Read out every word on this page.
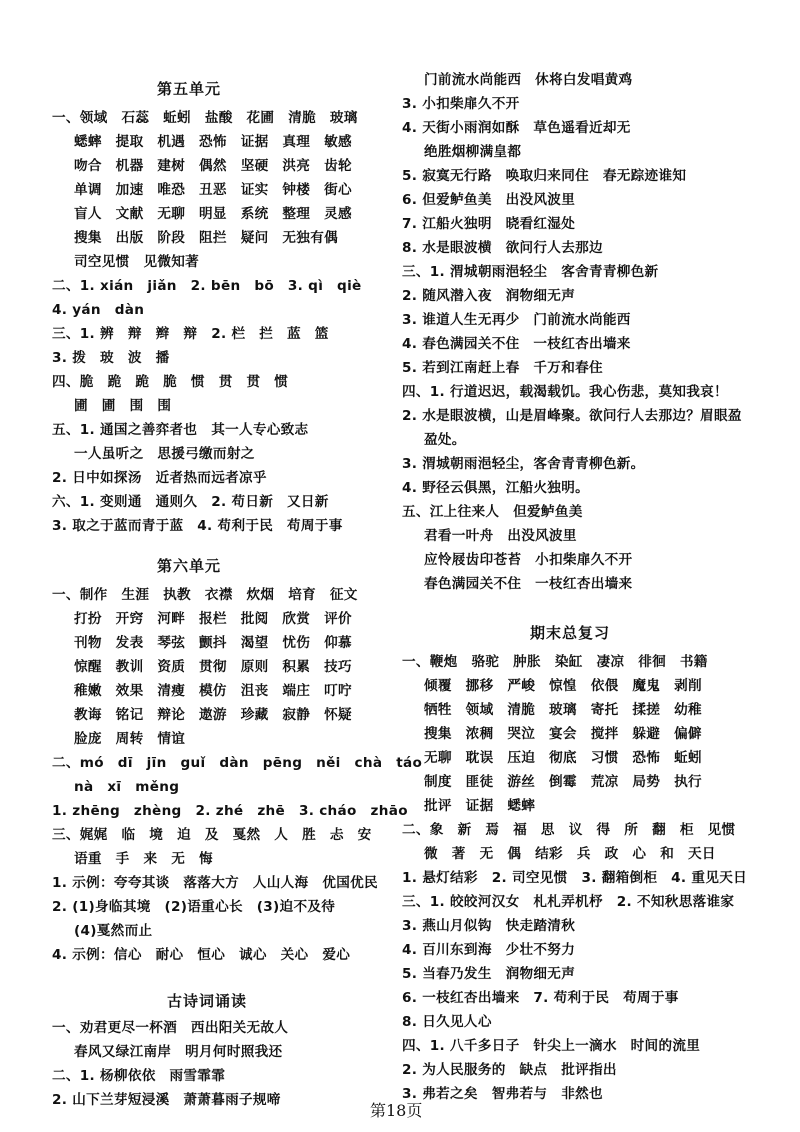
第五单元
一、领域　石蕊　蚯蚓　盐酸　花圃　清脆　玻璃
蟋蟀　提取　机遇　恐怖　证据　真理　敏感
吻合　机器　建树　偶然　坚硬　洪亮　齿轮
单调　加速　唯恐　丑恶　证实　钟楼　街心
盲人　文献　无聊　明显　系统　整理　灵感
搜集　出版　阶段　阻拦　疑问　无独有偶
司空见惯　见微知著
二、1. xián　jiǎn　2. bēn　bō　3. qì　qiè
4. yán　dàn
三、1. 辨　辩　辫　辩　2. 栏　拦　蓝　篮
3. 拨　玻　波　播
四、脆　跪　跪　脆　惯　贯　贯　惯
圃　圃　围　围
五、1. 通国之善弈者也　其一人专心致志
一人虽听之　思援弓缴而射之
2. 日中如探汤　近者热而远者凉乎
六、1. 变则通　通则久　2. 苟日新　又日新
3. 取之于蓝而青于蓝　4. 苟利于民　苟周于事
第六单元
一、制作　生涯　执教　衣襟　炊烟　培育　征文
打扮　开窍　河畔　报栏　批阅　欣赏　评价
刊物　发表　琴弦　颤抖　渴望　忧伤　仰慕
惊醒　教训　资质　贯彻　原则　积累　技巧
稚嫩　效果　清瘦　模仿　沮丧　端庄　叮咛
教诲　铭记　辩论　遨游　珍藏　寂静　怀疑
脸庞　周转　情谊
二、mó　dī　jīn　guǐ　dàn　pēng　něi　chà　táo
nà　xī　měng
1. zhēng　zhèng　2. zhé　zhē　3. cháo　zhāo
三、娓娓　临　境　迫　及　戛然　人　胜　忐　安
语重　手　来　无　悔
1. 示例：夸夸其谈　落落大方　人山人海　优国优民
2. (1)身临其境　(2)语重心长　(3)迫不及待
(4)戛然而止
4. 示例：信心　耐心　恒心　诚心　关心　爱心
古诗词诵读
一、劝君更尽一杯酒　西出阳关无故人
春风又绿江南岸　明月何时照我还
二、1. 杨柳依依　雨雪霏霏
2. 山下兰芽短浸溪　萧萧暮雨子规啼
门前流水尚能西　休将白发唱黄鸡
3. 小扣柴扉久不开
4. 天街小雨润如酥　草色遥看近却无
绝胜烟柳满皇都
5. 寂寞无行路　唤取归来同住　春无踪迹谁知
6. 但爱鲈鱼美　出没风波里
7. 江船火独明　晓看红湿处
8. 水是眼波横　欲问行人去那边
三、1. 渭城朝雨浥轻尘　客舍青青柳色新
2. 随风潜入夜　润物细无声
3. 谁道人生无再少　门前流水尚能西
4. 春色满园关不住　一枝红杏出墙来
5. 若到江南赶上春　千万和春住
四、1. 行道迟迟，载渴载饥。我心伤悲，莫知我哀！
2. 水是眼波横，山是眉峰聚。欲问行人去那边？眉眼盈
盈处。
3. 渭城朝雨浥轻尘，客舍青青柳色新。
4. 野径云俱黑，江船火独明。
五、江上往来人　但爱鲈鱼美
君看一叶舟　出没风波里
应怜屐齿印苍苔　小扣柴扉久不开
春色满园关不住　一枝红杏出墙来
期末总复习
一、鞭炮　骆驼　肿胀　染缸　凄凉　徘徊　书籍
倾覆　挪移　严峻　惊惶　依偎　魔鬼　剥削
牺牲　领域　清脆　玻璃　寄托　揉搓　幼稚
搜集　浓稠　哭泣　宴会　搅拌　躲避　偏僻
无聊　耽误　压迫　彻底　习惯　恐怖　蚯蚓
制度　匪徒　游丝　倒霉　荒凉　局势　执行
批评　证据　蟋蟀
二、象　新　焉　福　思　议　得　所　翻　柜　见惯
微　著　无　偶　结彩　兵　政　心　和　天日
1. 悬灯结彩　2. 司空见惯　3. 翻箱倒柜　4. 重见天日
三、1. 皎皎河汉女　札札弄机杼　2. 不知秋思落谁家
3. 燕山月似钩　快走踏清秋
4. 百川东到海　少壮不努力
5. 当春乃发生　润物细无声
6. 一枝红杏出墙来　7. 苟利于民　苟周于事
8. 日久见人心
四、1. 八千多日子　针尖上一滴水　时间的流里
2. 为人民服务的　缺点　批评指出
3. 弗若之矣　智弗若与　非然也
第18页
